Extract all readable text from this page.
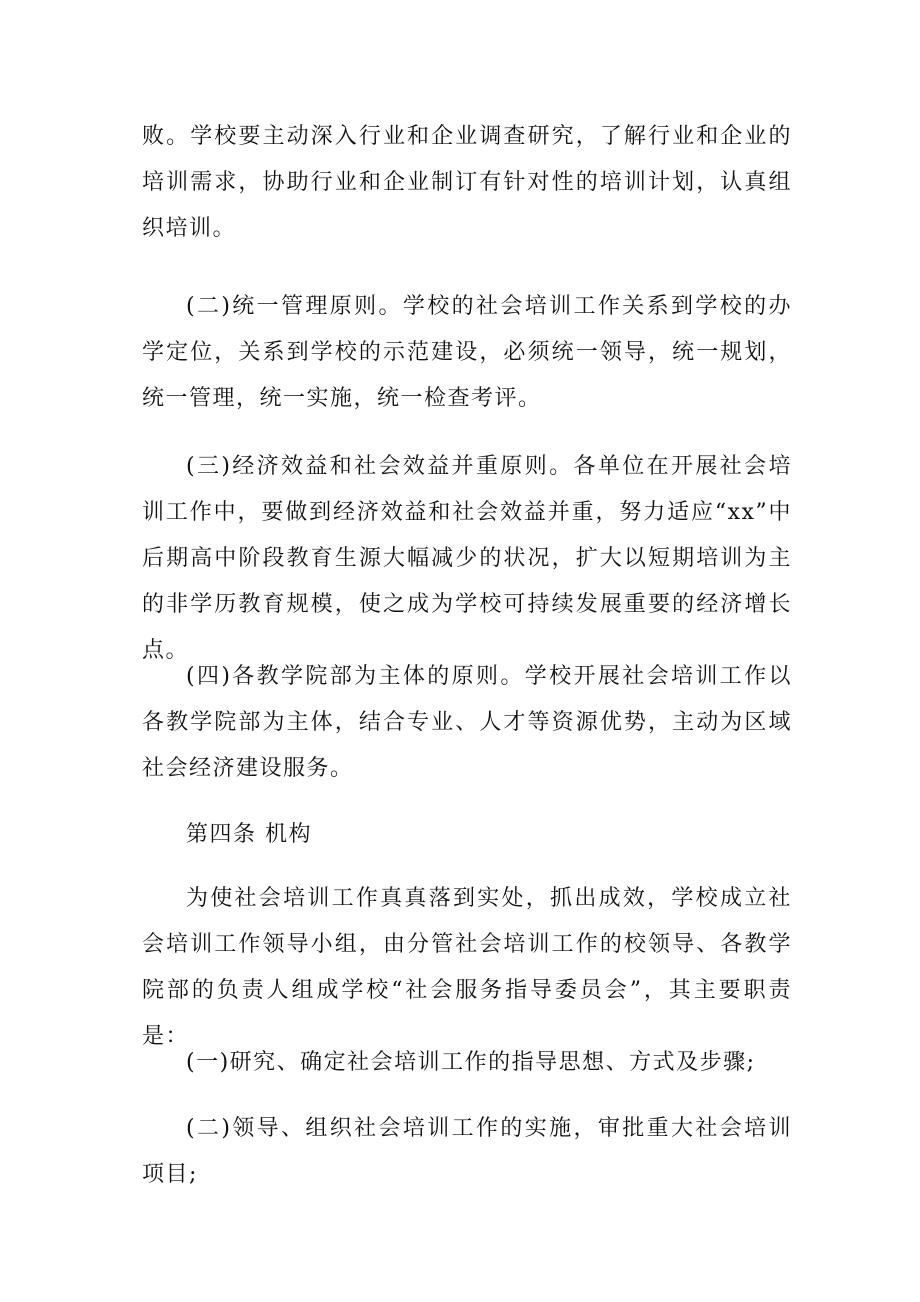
败。学校要主动深入行业和企业调查研究，了解行业和企业的培训需求，协助行业和企业制订有针对性的培训计划，认真组织培训。

(二)统一管理原则。学校的社会培训工作关系到学校的办学定位，关系到学校的示范建设，必须统一领导，统一规划，统一管理，统一实施，统一检查考评。

(三)经济效益和社会效益并重原则。各单位在开展社会培训工作中，要做到经济效益和社会效益并重，努力适应“xx”中后期高中阶段教育生源大幅减少的状况，扩大以短期培训为主的非学历教育规模，使之成为学校可持续发展重要的经济增长点。

(四)各教学院部为主体的原则。学校开展社会培训工作以各教学院部为主体，结合专业、人才等资源优势，主动为区域社会经济建设服务。

第四条 机构

为使社会培训工作真真落到实处，抓出成效，学校成立社会培训工作领导小组，由分管社会培训工作的校领导、各教学院部的负责人组成学校“社会服务指导委员会”，其主要职责是：

(一)研究、确定社会培训工作的指导思想、方式及步骤;

(二)领导、组织社会培训工作的实施，审批重大社会培训项目;
